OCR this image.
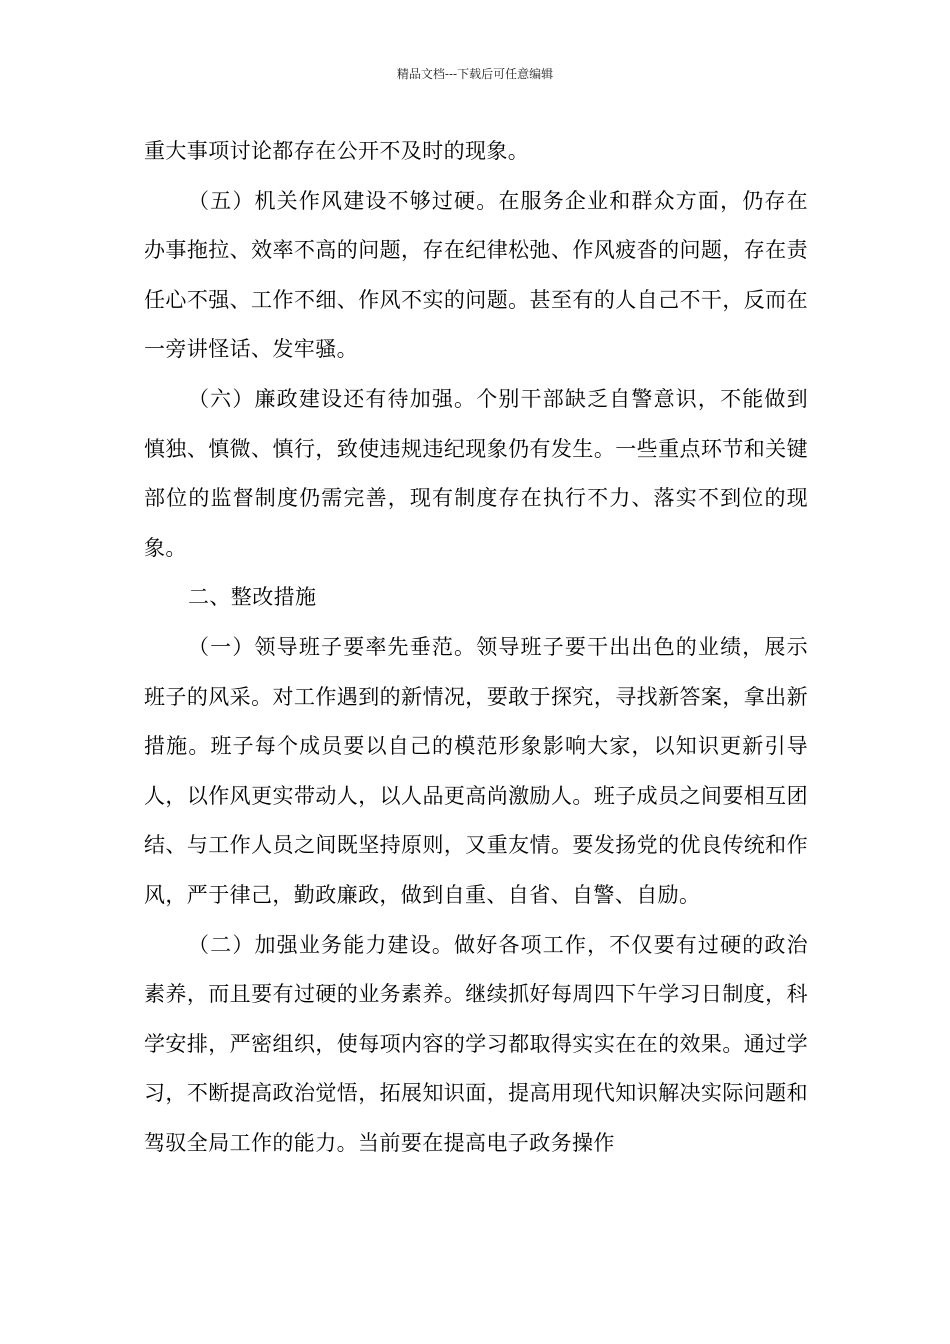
精品文档---下载后可任意编辑

重大事项讨论都存在公开不及时的现象。

（五）机关作风建设不够过硬。在服务企业和群众方面，仍存在办事拖拉、效率不高的问题，存在纪律松弛、作风疲沓的问题，存在责任心不强、工作不细、作风不实的问题。甚至有的人自己不干，反而在一旁讲怪话、发牢骚。

（六）廉政建设还有待加强。个别干部缺乏自警意识，不能做到慎独、慎微、慎行，致使违规违纪现象仍有发生。一些重点环节和关键部位的监督制度仍需完善，现有制度存在执行不力、落实不到位的现象。

二、整改措施

（一）领导班子要率先垂范。领导班子要干出出色的业绩，展示班子的风采。对工作遇到的新情况，要敢于探究，寻找新答案，拿出新措施。班子每个成员要以自己的模范形象影响大家，以知识更新引导人，以作风更实带动人，以人品更高尚激励人。班子成员之间要相互团结、与工作人员之间既坚持原则，又重友情。要发扬党的优良传统和作风，严于律己，勤政廉政，做到自重、自省、自警、自励。

（二）加强业务能力建设。做好各项工作，不仅要有过硬的政治素养，而且要有过硬的业务素养。继续抓好每周四下午学习日制度，科学安排，严密组织，使每项内容的学习都取得实实在在的效果。通过学习，不断提高政治觉悟，拓展知识面，提高用现代知识解决实际问题和驾驭全局工作的能力。当前要在提高电子政务操作
